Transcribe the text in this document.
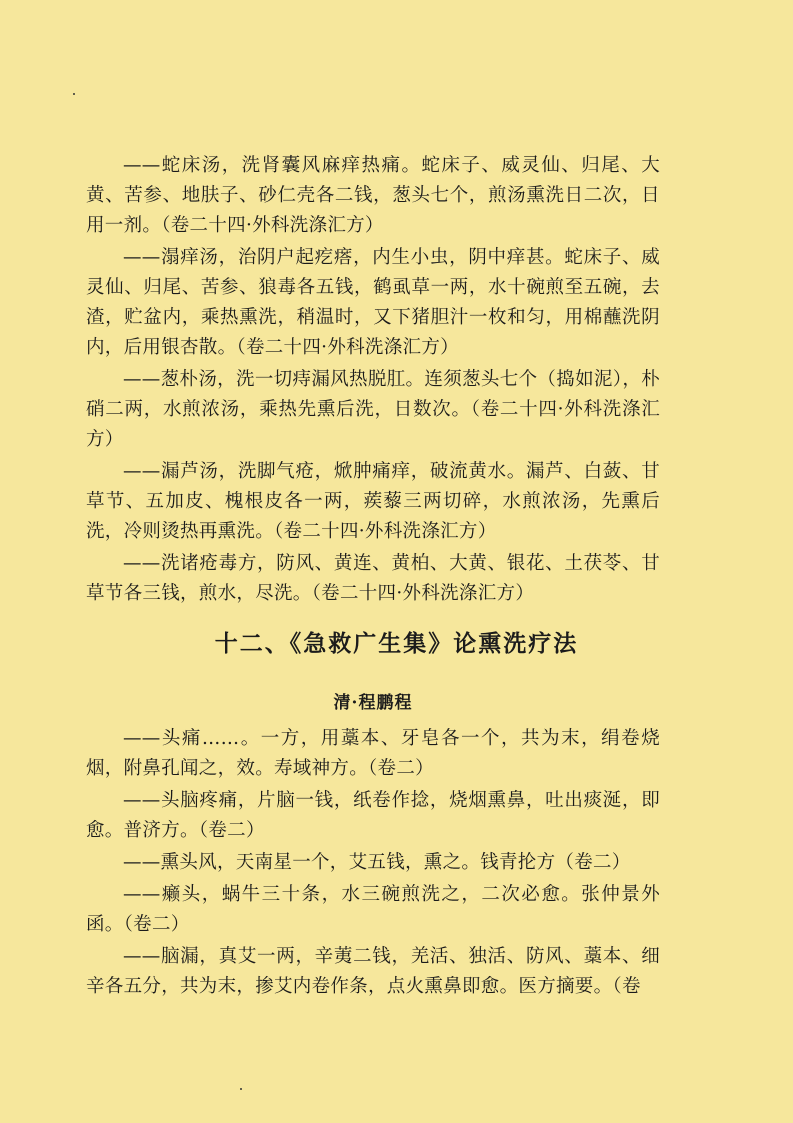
——蛇床汤，洗肾囊风麻痒热痛。蛇床子、威灵仙、归尾、大黄、苦参、地肤子、砂仁壳各二钱，葱头七个，煎汤熏洗日二次，日用一剂。（卷二十四·外科洗涤汇方）

——溻痒汤，治阴户起疙瘩，内生小虫，阴中痒甚。蛇床子、威灵仙、归尾、苦参、狼毒各五钱，鹤虱草一两，水十碗煎至五碗，去渣，贮盆内，乘热熏洗，稍温时，又下猪胆汁一枚和匀，用棉蘸洗阴内，后用银杏散。（卷二十四·外科洗涤汇方）

——葱朴汤，洗一切痔漏风热脱肛。连须葱头七个（捣如泥），朴硝二两，水煎浓汤，乘热先熏后洗，日数次。（卷二十四·外科洗涤汇方）

——漏芦汤，洗脚气疮，焮肿痛痒，破流黄水。漏芦、白蔹、甘草节、五加皮、槐根皮各一两，蒺藜三两切碎，水煎浓汤，先熏后洗，冷则烫热再熏洗。（卷二十四·外科洗涤汇方）

——洗诸疮毒方，防风、黄连、黄柏、大黄、银花、土茯苓、甘草节各三钱，煎水，尽洗。（卷二十四·外科洗涤汇方）

十二、《急救广生集》论熏洗疗法

清·程鹏程

——头痛……。一方，用藁本、牙皂各一个，共为末，绢卷烧烟，附鼻孔闻之，效。寿域神方。（卷二）

——头脑疼痛，片脑一钱，纸卷作捻，烧烟熏鼻，吐出痰涎，即愈。普济方。（卷二）

——熏头风，天南星一个，艾五钱，熏之。钱青抡方（卷二）

——癞头，蜗牛三十条，水三碗煎洗之，二次必愈。张仲景外函。（卷二）

——脑漏，真艾一两，辛荑二钱，羌活、独活、防风、藁本、细辛各五分，共为末，掺艾内卷作条，点火熏鼻即愈。医方摘要。（卷
